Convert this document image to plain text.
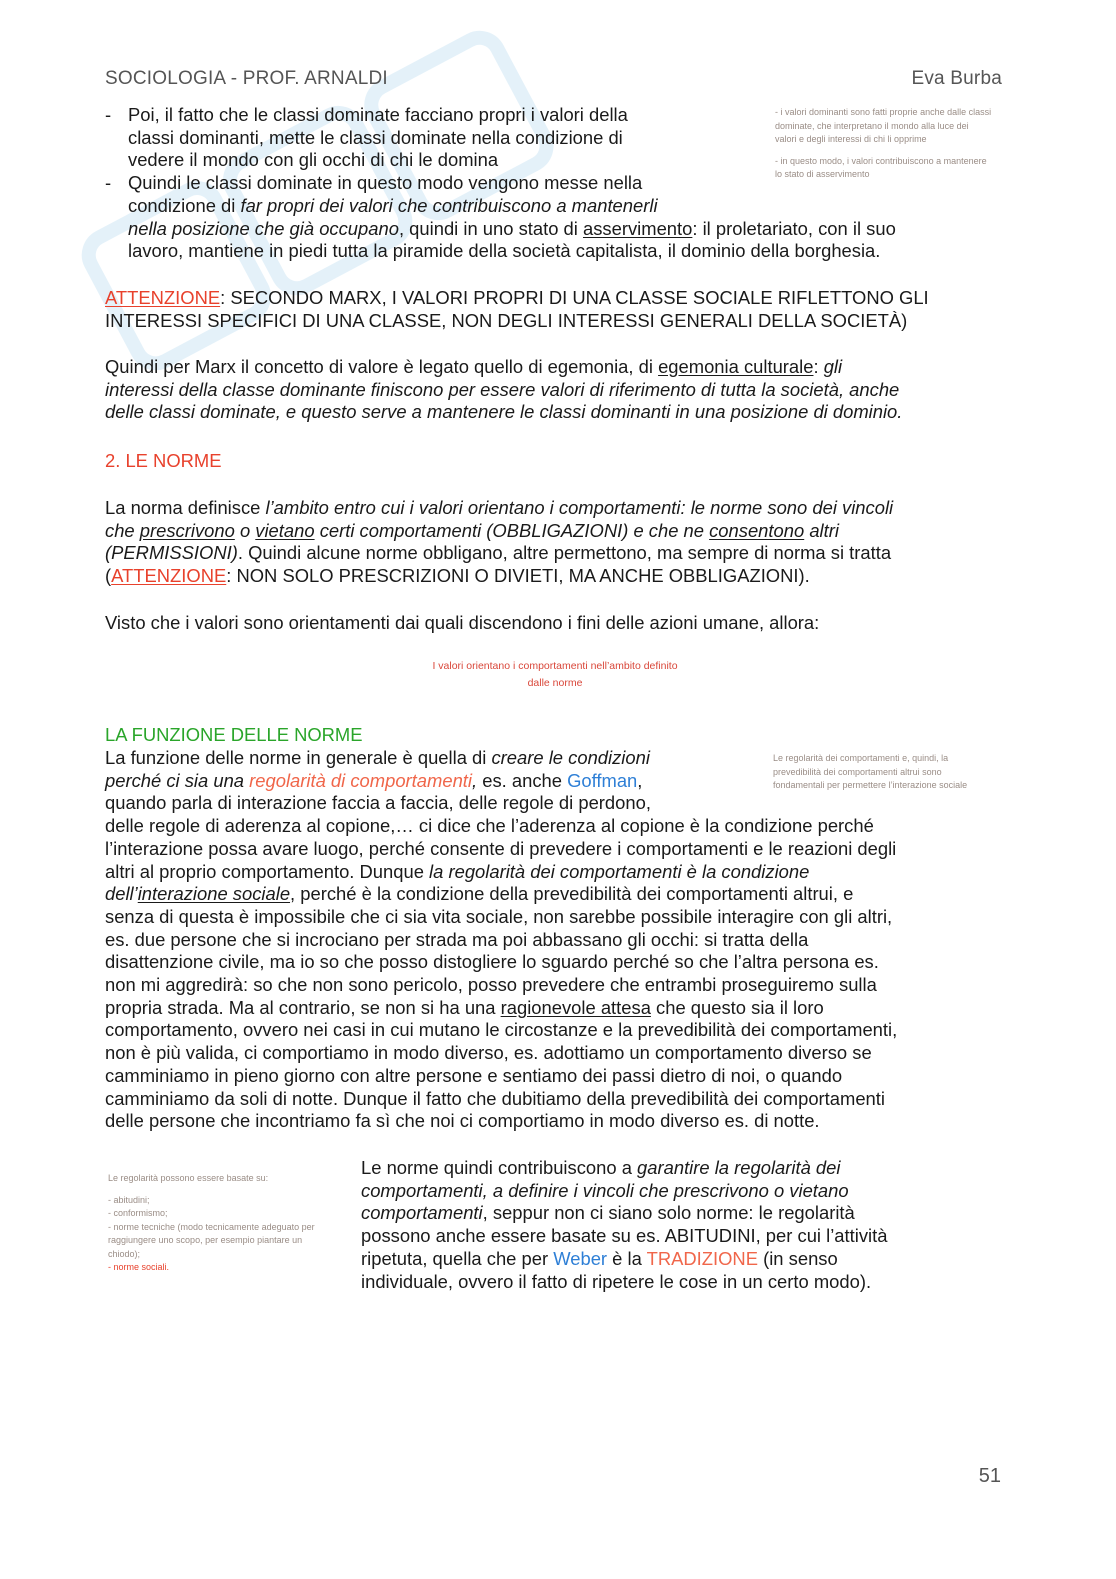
SOCIOLOGIA - PROF. ARNALDI	Eva Burba
- Poi, il fatto che le classi dominate facciano propri i valori della
classi dominanti, mette le classi dominate nella condizione di
vedere il mondo con gli occhi di chi le domina
- Quindi le classi dominate in questo modo vengono messe nella
condizione di far propri dei valori che contribuiscono a mantenerli
nella posizione che già occupano, quindi in uno stato di asservimento: il proletariato, con il suo
lavoro, mantiene in piedi tutta la piramide della società capitalista, il dominio della borghesia.
- i valori dominanti sono fatti proprie anche dalle classi
dominate, che interpretano il mondo alla luce dei
valori e degli interessi di chi li opprime
- in questo modo, i valori contribuiscono a mantenere
lo stato di asservimento
ATTENZIONE: SECONDO MARX, I VALORI PROPRI DI UNA CLASSE SOCIALE RIFLETTONO GLI
INTERESSI SPECIFICI DI UNA CLASSE, NON DEGLI INTERESSI GENERALI DELLA SOCIETÀ)
Quindi per Marx il concetto di valore è legato quello di egemonia, di egemonia culturale: gli
interessi della classe dominante finiscono per essere valori di riferimento di tutta la società, anche
delle classi dominate, e questo serve a mantenere le classi dominanti in una posizione di dominio.
2. LE NORME
La norma definisce l’ambito entro cui i valori orientano i comportamenti: le norme sono dei vincoli
che prescrivono o vietano certi comportamenti (OBBLIGAZIONI) e che ne consentono altri
(PERMISSIONI). Quindi alcune norme obbligano, altre permettono, ma sempre di norma si tratta
(ATTENZIONE: NON SOLO PRESCRIZIONI O DIVIETI, MA ANCHE OBBLIGAZIONI).
Visto che i valori sono orientamenti dai quali discendono i fini delle azioni umane, allora:
I valori orientano i comportamenti nell’ambito definito
dalle norme
LA FUNZIONE DELLE NORME
La funzione delle norme in generale è quella di creare le condizioni
perché ci sia una regolarità di comportamenti, es. anche Goffman,
quando parla di interazione faccia a faccia, delle regole di perdono,
delle regole di aderenza al copione,… ci dice che l’aderenza al copione è la condizione perché
l’interazione possa avare luogo, perché consente di prevedere i comportamenti e le reazioni degli
altri al proprio comportamento. Dunque la regolarità dei comportamenti è la condizione
dell’interazione sociale, perché è la condizione della prevedibilità dei comportamenti altrui, e
senza di questa è impossibile che ci sia vita sociale, non sarebbe possibile interagire con gli altri,
es. due persone che si incrociano per strada ma poi abbassano gli occhi: si tratta della
disattenzione civile, ma io so che posso distogliere lo sguardo perché so che l’altra persona es.
non mi aggredirà: so che non sono pericolo, posso prevedere che entrambi proseguiremo sulla
propria strada. Ma al contrario, se non si ha una ragionevole attesa che questo sia il loro
comportamento, ovvero nei casi in cui mutano le circostanze e la prevedibilità dei comportamenti,
non è più valida, ci comportiamo in modo diverso, es. adottiamo un comportamento diverso se
camminiamo in pieno giorno con altre persone e sentiamo dei passi dietro di noi, o quando
camminiamo da soli di notte. Dunque il fatto che dubitiamo della prevedibilità dei comportamenti
delle persone che incontriamo fa sì che noi ci comportiamo in modo diverso es. di notte.
Le regolarità dei comportamenti e, quindi, la
prevedibilità dei comportamenti altrui sono
fondamentali per permettere l’interazione sociale
Le regolarità possono essere basate su:
- abitudini;
- conformismo;
- norme tecniche (modo tecnicamente adeguato per
raggiungere uno scopo, per esempio piantare un
chiodo);
- norme sociali.
Le norme quindi contribuiscono a garantire la regolarità dei
comportamenti, a definire i vincoli che prescrivono o vietano
comportamenti, seppur non ci siano solo norme: le regolarità
possono anche essere basate su es. ABITUDINI, per cui l’attività
ripetuta, quella che per Weber è la TRADIZIONE (in senso
individuale, ovvero il fatto di ripetere le cose in un certo modo).
51
